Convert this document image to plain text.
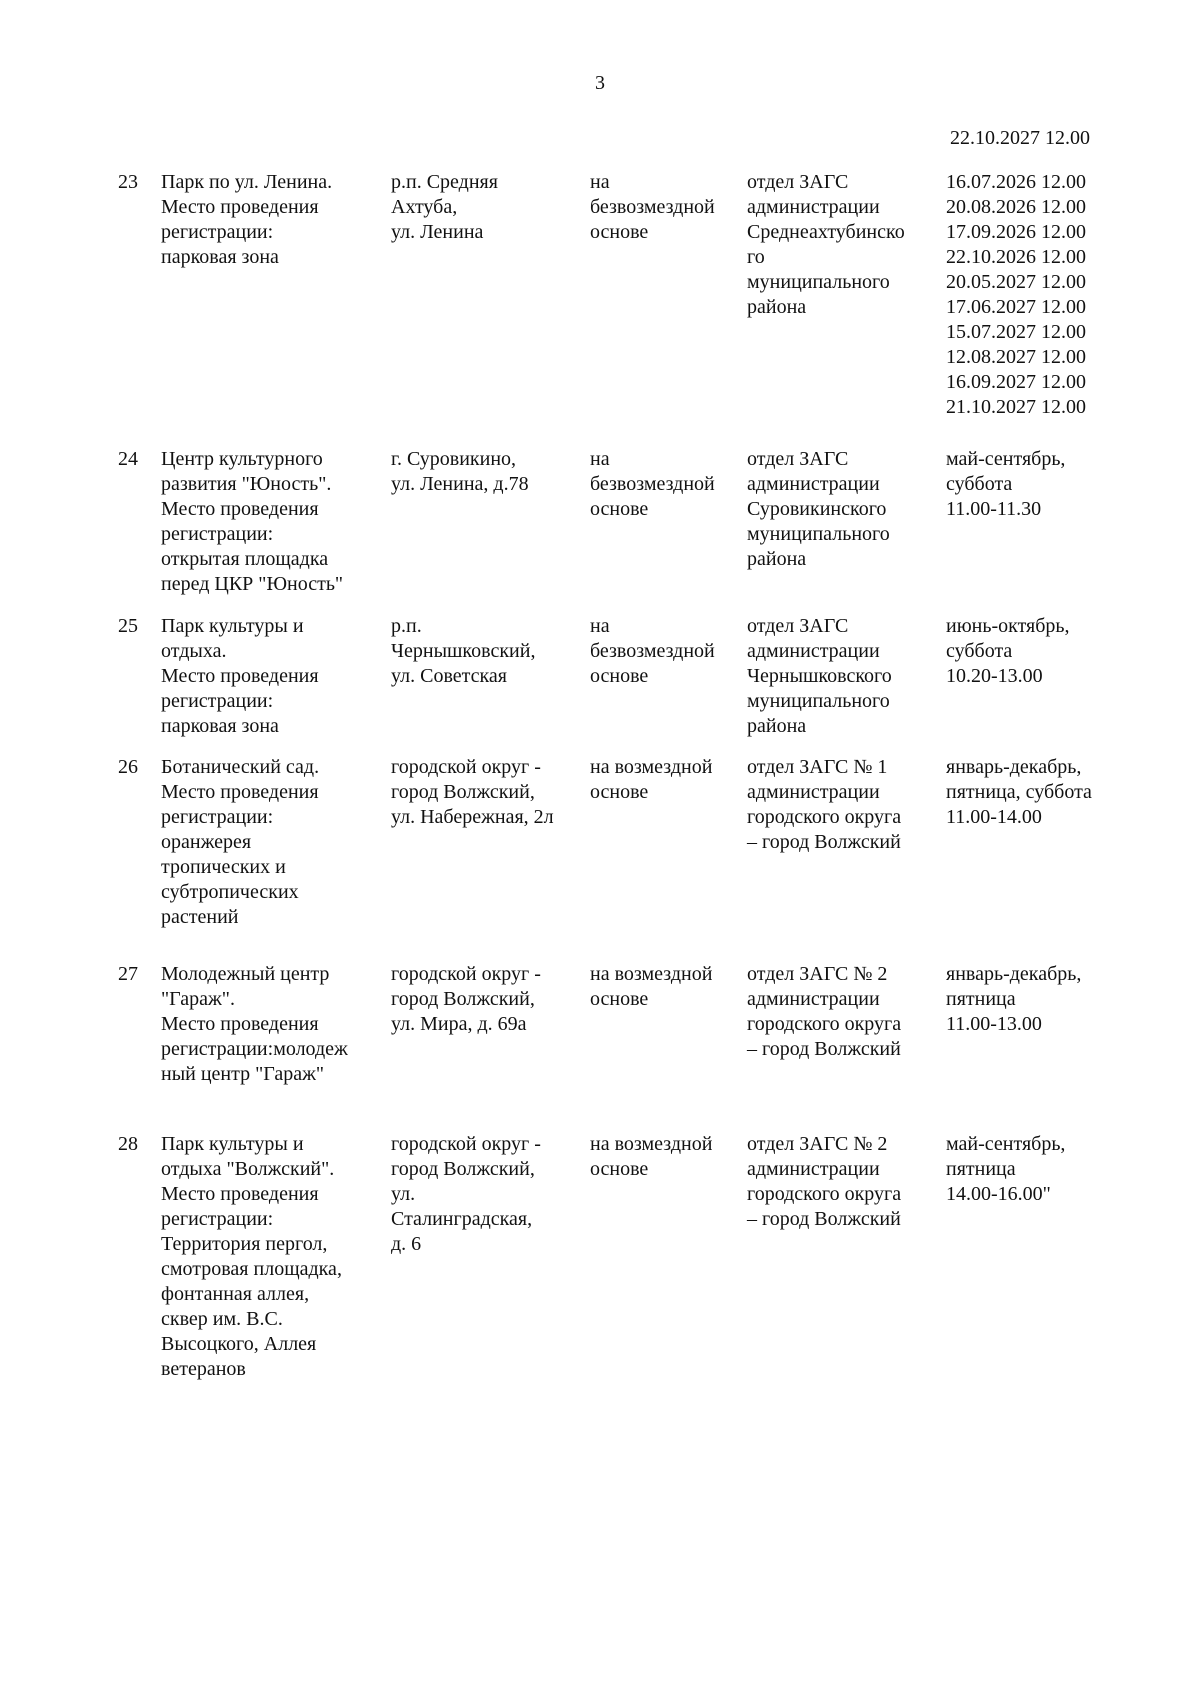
3
22.10.2027 12.00
23 Парк по ул. Ленина.
Место проведения
регистрации:
парковая зона
р.п. Средняя
Ахтуба,
ул. Ленина
на
безвозмездной
основе
отдел ЗАГС
администрации
Среднеахтубинско
го
муниципального
района
16.07.2026 12.00
20.08.2026 12.00
17.09.2026 12.00
22.10.2026 12.00
20.05.2027 12.00
17.06.2027 12.00
15.07.2027 12.00
12.08.2027 12.00
16.09.2027 12.00
21.10.2027 12.00
24 Центр культурного
развития "Юность".
Место проведения
регистрации:
открытая площадка
перед ЦКР "Юность"
г. Суровикино,
ул. Ленина, д.78
на
безвозмездной
основе
отдел ЗАГС
администрации
Суровикинского
муниципального
района
май-сентябрь,
суббота
11.00-11.30
25 Парк культуры и
отдыха.
Место проведения
регистрации:
парковая зона
р.п.
Чернышковский,
ул. Советская
на
безвозмездной
основе
отдел ЗАГС
администрации
Чернышковского
муниципального
района
июнь-октябрь,
суббота
10.20-13.00
26 Ботанический сад.
Место проведения
регистрации:
оранжерея
тропических и
субтропических
растений
городской округ -
город Волжский,
ул. Набережная, 2л
на возмездной
основе
отдел ЗАГС № 1
администрации
городского округа
– город Волжский
январь-декабрь,
пятница, суббота
11.00-14.00
27 Молодежный центр
"Гараж".
Место проведения
регистрации:молодеж
ный центр "Гараж"
городской округ -
город Волжский,
ул. Мира, д. 69а
на возмездной
основе
отдел ЗАГС № 2
администрации
городского округа
– город Волжский
январь-декабрь,
пятница
11.00-13.00
28 Парк культуры и
отдыха "Волжский".
Место проведения
регистрации:
Территория пергол,
смотровая площадка,
фонтанная аллея,
сквер им. В.С.
Высоцкого, Аллея
ветеранов
городской округ -
город Волжский,
ул.
Сталинградская,
д. 6
на возмездной
основе
отдел ЗАГС № 2
администрации
городского округа
– город Волжский
май-сентябрь,
пятница
14.00-16.00"
